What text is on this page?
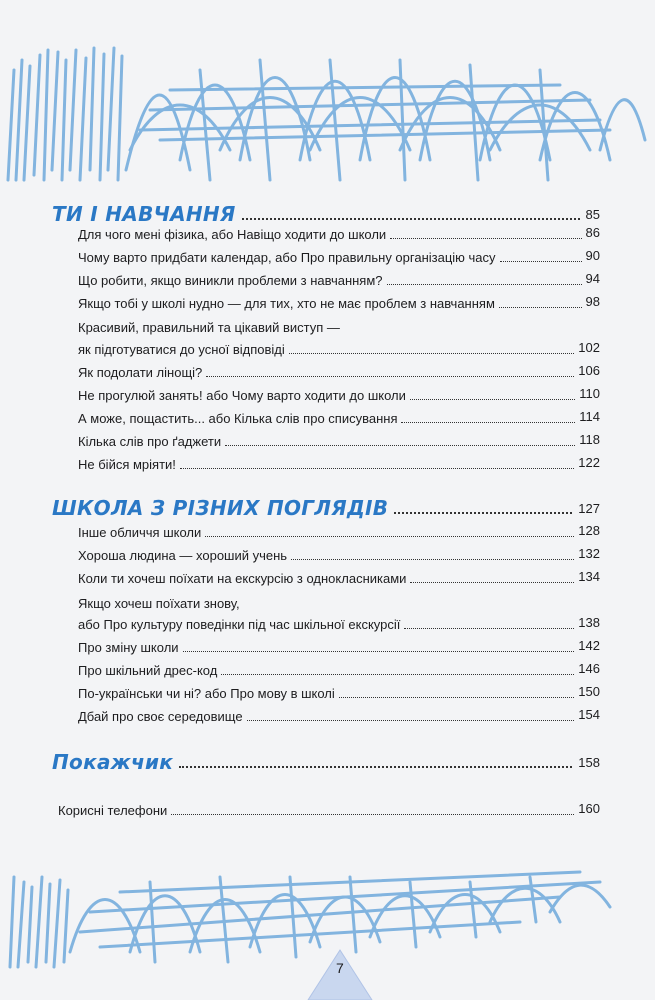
ТИ І НАВЧАННЯ	85
Для чого мені фізика, або Навіщо ходити до школи	86
Чому варто придбати календар, або Про правильну організацію часу	90
Що робити, якщо виникли проблеми з навчанням?	94
Якщо тобі у школі нудно — для тих, хто не має проблем з навчанням	98
Красивий, правильний та цікавий виступ —
як підготуватися до усної відповіді	102
Як подолати лінощі?	106
Не прогулюй занять! або Чому варто ходити до школи	110
А може, пощастить... або Кілька слів про списування	114
Кілька слів про ґаджети	118
Не бійся мріяти!	122
ШКОЛА З РІЗНИХ ПОГЛЯДІВ	127
Інше обличчя школи	128
Хороша людина — хороший учень	132
Коли ти хочеш поїхати на екскурсію з однокласниками	134
Якщо хочеш поїхати знову,
або Про культуру поведінки під час шкільної екскурсії	138
Про зміну школи	142
Про шкільний дрес-код	146
По-українськи чи ні? або Про мову в школі	150
Дбай про своє середовище	154
Покажчик	158
Корисні телефони	160
7
